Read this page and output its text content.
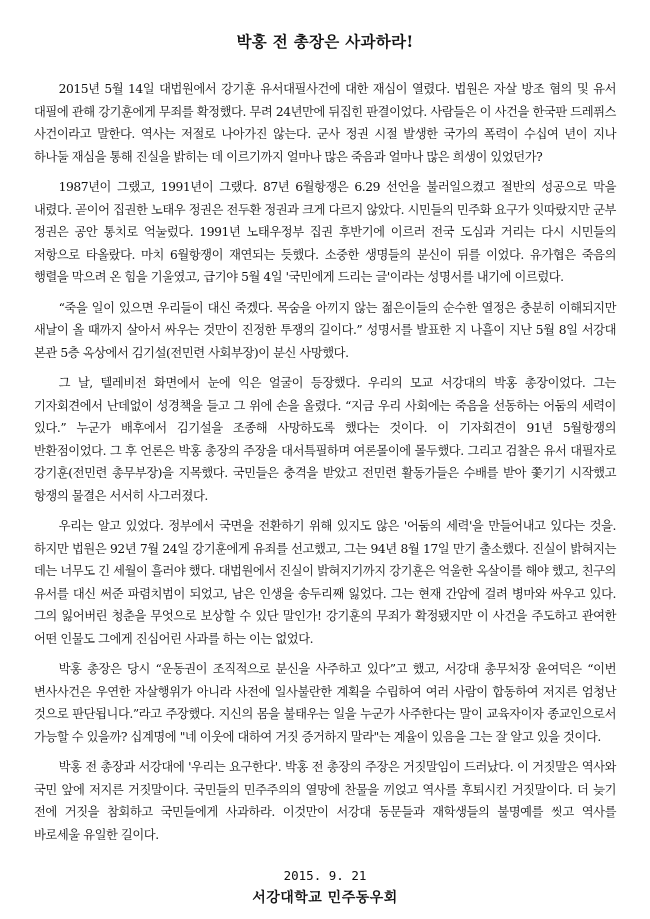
박홍 전 총장은 사과하라!

2015년 5월 14일 대법원에서 강기훈 유서대필사건에 대한 재심이 열렸다. 법원은 자살 방조 혐의 및 유서 대필에 관해 강기훈에게 무죄를 확정했다. 무려 24년만에 뒤집힌 판결이었다. 사람들은 이 사건을 한국판 드레퓌스 사건이라고 말한다. 역사는 저절로 나아가진 않는다. 군사 정권 시절 발생한 국가의 폭력이 수십여 년이 지나 하나둘 재심을 통해 진실을 밝히는 데 이르기까지 얼마나 많은 죽음과 얼마나 많은 희생이 있었던가?

1987년이 그랬고, 1991년이 그랬다. 87년 6월항쟁은 6.29 선언을 불러일으켰고 절반의 성공으로 막을 내렸다. 곧이어 집권한 노태우 정권은 전두환 정권과 크게 다르지 않았다. 시민들의 민주화 요구가 잇따랐지만 군부 정권은 공안 통치로 억눌렀다. 1991년 노태우정부 집권 후반기에 이르러 전국 도심과 거리는 다시 시민들의 저항으로 타올랐다. 마치 6월항쟁이 재연되는 듯했다. 소중한 생명들의 분신이 뒤를 이었다. 유가협은 죽음의 행렬을 막으려 온 힘을 기울였고, 급기야 5월 4일 '국민에게 드리는 글'이라는 성명서를 내기에 이르렀다.

“죽을 일이 있으면 우리들이 대신 죽겠다. 목숨을 아끼지 않는 젊은이들의 순수한 열정은 충분히 이해되지만 새날이 올 때까지 살아서 싸우는 것만이 진정한 투쟁의 길이다.” 성명서를 발표한 지 나흘이 지난 5월 8일 서강대 본관 5층 옥상에서 김기설(전민련 사회부장)이 분신 사망했다.

그 날, 텔레비전 화면에서 눈에 익은 얼굴이 등장했다. 우리의 모교 서강대의 박홍 총장이었다. 그는 기자회견에서 난데없이 성경책을 들고 그 위에 손을 올렸다. “지금 우리 사회에는 죽음을 선동하는 어둠의 세력이 있다.” 누군가 배후에서 김기설을 조종해 사망하도록 했다는 것이다. 이 기자회견이 91년 5월항쟁의 반환점이었다. 그 후 언론은 박홍 총장의 주장을 대서특필하며 여론몰이에 몰두했다. 그리고 검찰은 유서 대필자로 강기훈(전민련 총무부장)을 지목했다. 국민들은 충격을 받았고 전민련 활동가들은 수배를 받아 쫓기기 시작했고 항쟁의 물결은 서서히 사그러졌다.

우리는 알고 있었다. 정부에서 국면을 전환하기 위해 있지도 않은 '어둠의 세력'을 만들어내고 있다는 것을. 하지만 법원은 92년 7월 24일 강기훈에게 유죄를 선고했고, 그는 94년 8월 17일 만기 출소했다. 진실이 밝혀지는 데는 너무도 긴 세월이 흘러야 했다. 대법원에서 진실이 밝혀지기까지 강기훈은 억울한 옥살이를 해야 했고, 친구의 유서를 대신 써준 파렴치범이 되었고, 남은 인생을 송두리째 잃었다. 그는 현재 간암에 걸려 병마와 싸우고 있다. 그의 잃어버린 청춘을 무엇으로 보상할 수 있단 말인가! 강기훈의 무죄가 확정됐지만 이 사건을 주도하고 관여한 어떤 인물도 그에게 진심어린 사과를 하는 이는 없었다.

박홍 총장은 당시 “운동권이 조직적으로 분신을 사주하고 있다”고 했고, 서강대 총무처장 윤여덕은 “이번 변사사건은 우연한 자살행위가 아니라 사전에 일사불란한 계획을 수립하여 여러 사람이 합동하여 저지른 엄청난 것으로 판단됩니다.”라고 주장했다. 지신의 몸을 불태우는 일을 누군가 사주한다는 말이 교육자이자 종교인으로서 가능할 수 있을까? 십계명에 "네 이웃에 대하여 거짓 증거하지 말라"는 계율이 있음을 그는 잘 알고 있을 것이다.

박홍 전 총장과 서강대에 '우리는 요구한다'. 박홍 전 총장의 주장은 거짓말임이 드러났다. 이 거짓말은 역사와 국민 앞에 저지른 거짓말이다. 국민들의 민주주의의 열망에 찬물을 끼얹고 역사를 후퇴시킨 거짓말이다. 더 늦기 전에 거짓을 참회하고 국민들에게 사과하라. 이것만이 서강대 동문들과 재학생들의 불명예를 씻고 역사를 바로세울 유일한 길이다.

2015. 9. 21
서강대학교 민주동우회
